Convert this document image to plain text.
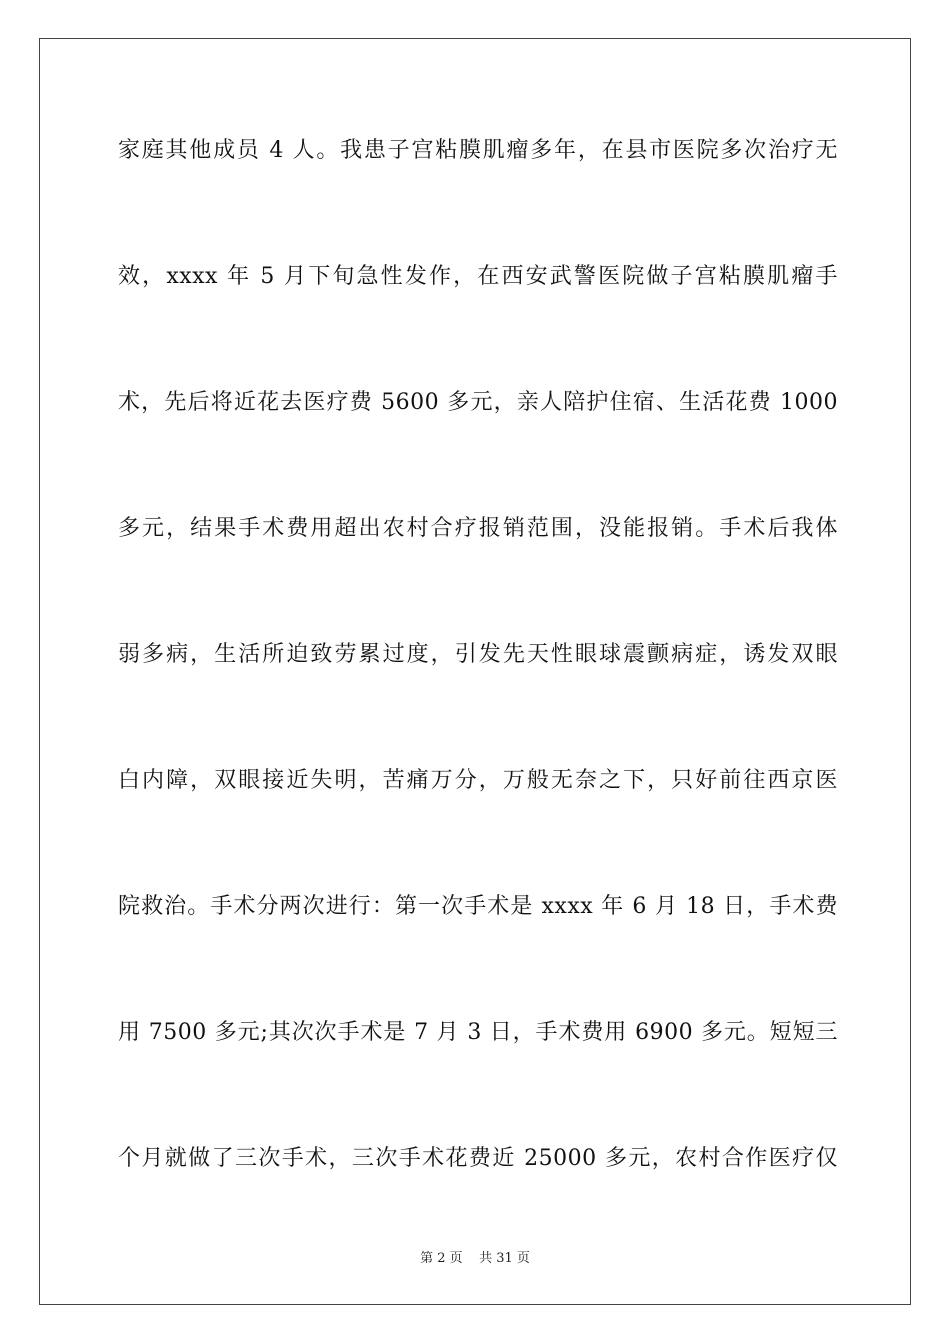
家庭其他成员 4 人。我患子宫粘膜肌瘤多年，在县市医院多次治疗无
效，xxxx 年 5 月下旬急性发作，在西安武警医院做子宫粘膜肌瘤手
术，先后将近花去医疗费 5600 多元，亲人陪护住宿、生活花费 1000
多元，结果手术费用超出农村合疗报销范围，没能报销。手术后我体
弱多病，生活所迫致劳累过度，引发先天性眼球震颤病症，诱发双眼
白内障，双眼接近失明，苦痛万分，万般无奈之下，只好前往西京医
院救治。手术分两次进行：第一次手术是 xxxx 年 6 月 18 日，手术费
用 7500 多元;其次次手术是 7 月 3 日，手术费用 6900 多元。短短三
个月就做了三次手术，三次手术花费近 25000 多元，农村合作医疗仅
第 2 页    共 31 页
